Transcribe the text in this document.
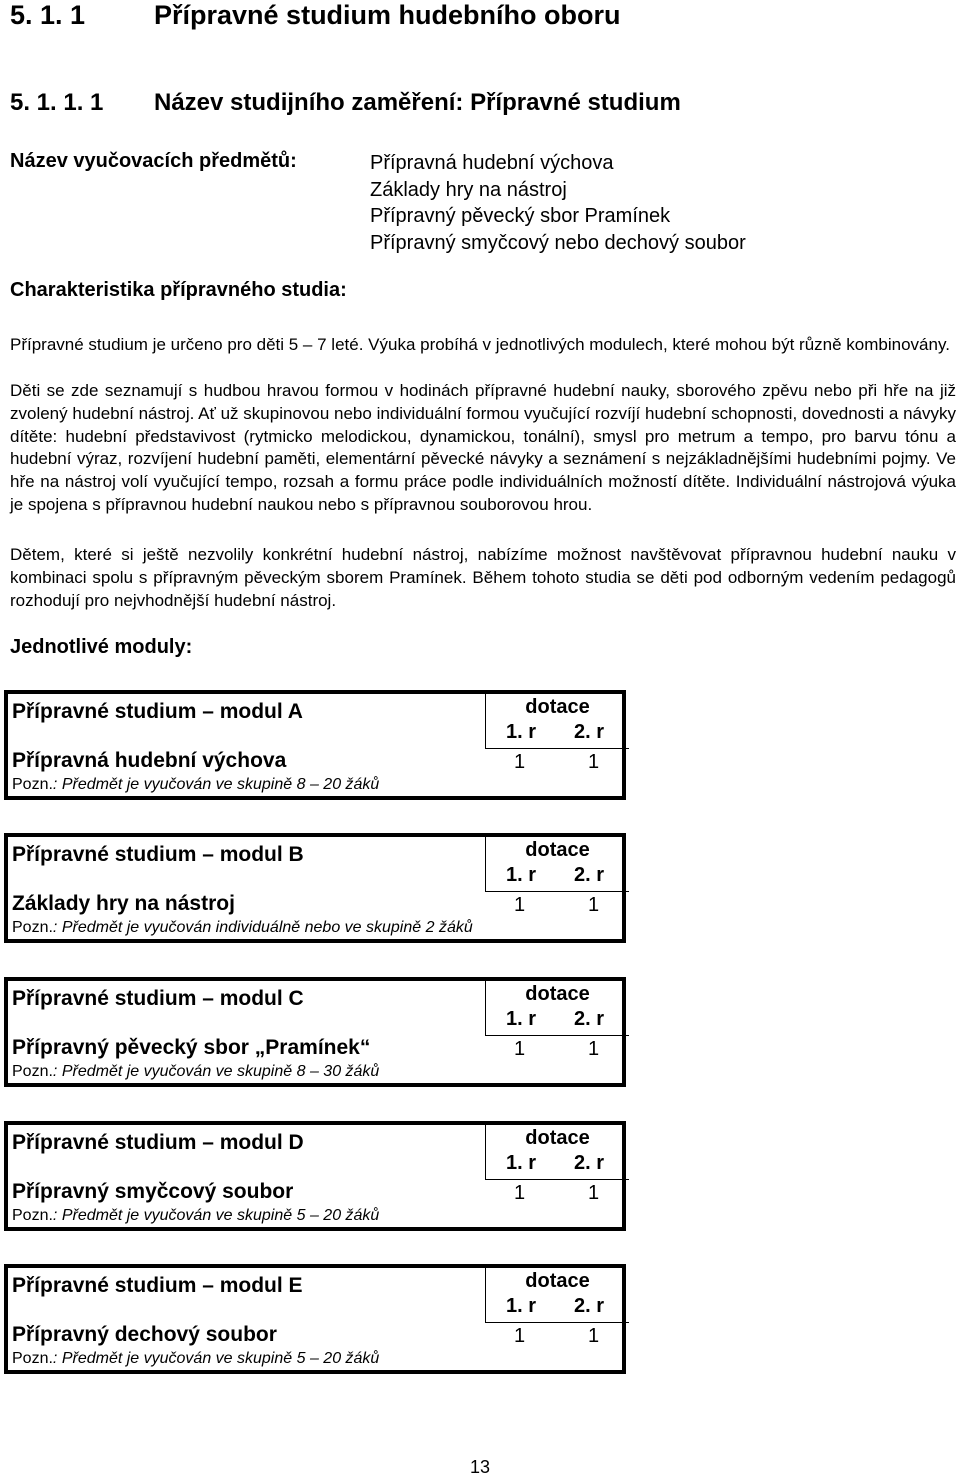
5. 1. 1	Přípravné studium hudebního oboru
5. 1. 1. 1 Název studijního zaměření: Přípravné studium
Název vyučovacích předmětů:	Přípravná hudební výchova
Základy hry na nástroj
Přípravný pěvecký sbor Pramínek
Přípravný smyčcový nebo dechový soubor
Charakteristika přípravného studia:
Přípravné studium je určeno pro děti 5 – 7 leté. Výuka probíhá v jednotlivých modulech, které mohou být různě kombinovány.
Děti se zde seznamují s hudbou hravou formou v hodinách přípravné hudební nauky, sborového zpěvu nebo při hře na již zvolený hudební nástroj. Ať už skupinovou nebo individuální formou vyučující rozvíjí hudební schopnosti, dovednosti a návyky dítěte: hudební představivost (rytmicko melodickou, dynamickou, tonální), smysl pro metrum a tempo, pro barvu tónu a hudební výraz, rozvíjení hudební paměti, elementární pěvecké návyky a seznámení s nejzákladnějšími hudebními pojmy. Ve hře na nástroj volí vyučující tempo, rozsah a formu práce podle individuálních možností dítěte. Individuální nástrojová výuka je spojena s přípravnou hudební naukou nebo s přípravnou souborovou hrou.
Dětem, které si ještě nezvolily konkrétní hudební nástroj, nabízíme možnost navštěvovat přípravnou hudební nauku v kombinaci spolu s přípravným pěveckým sborem Pramínek. Během tohoto studia se děti pod odborným vedením pedagogů rozhodují pro nejvhodnější hudební nástroj.
Jednotlivé moduly:
Přípravné studium – modul A	dotace
1. r 2. r
Přípravná hudební výchova	1	1
Pozn.: Předmět je vyučován ve skupině 8 – 20 žáků
Přípravné studium – modul B	dotace
1. r 2. r
Základy hry na nástroj	1	1
Pozn.: Předmět je vyučován individuálně nebo ve skupině 2 žáků
Přípravné studium – modul C	dotace
1. r 2. r
Přípravný pěvecký sbor „Pramínek“	1	1
Pozn.: Předmět je vyučován ve skupině 8 – 30 žáků
Přípravné studium – modul D	dotace
1. r 2. r
Přípravný smyčcový soubor	1	1
Pozn.: Předmět je vyučován ve skupině 5 – 20 žáků
Přípravné studium – modul E	dotace
1. r 2. r
Přípravný dechový soubor	1	1
Pozn.: Předmět je vyučován ve skupině 5 – 20 žáků
13
